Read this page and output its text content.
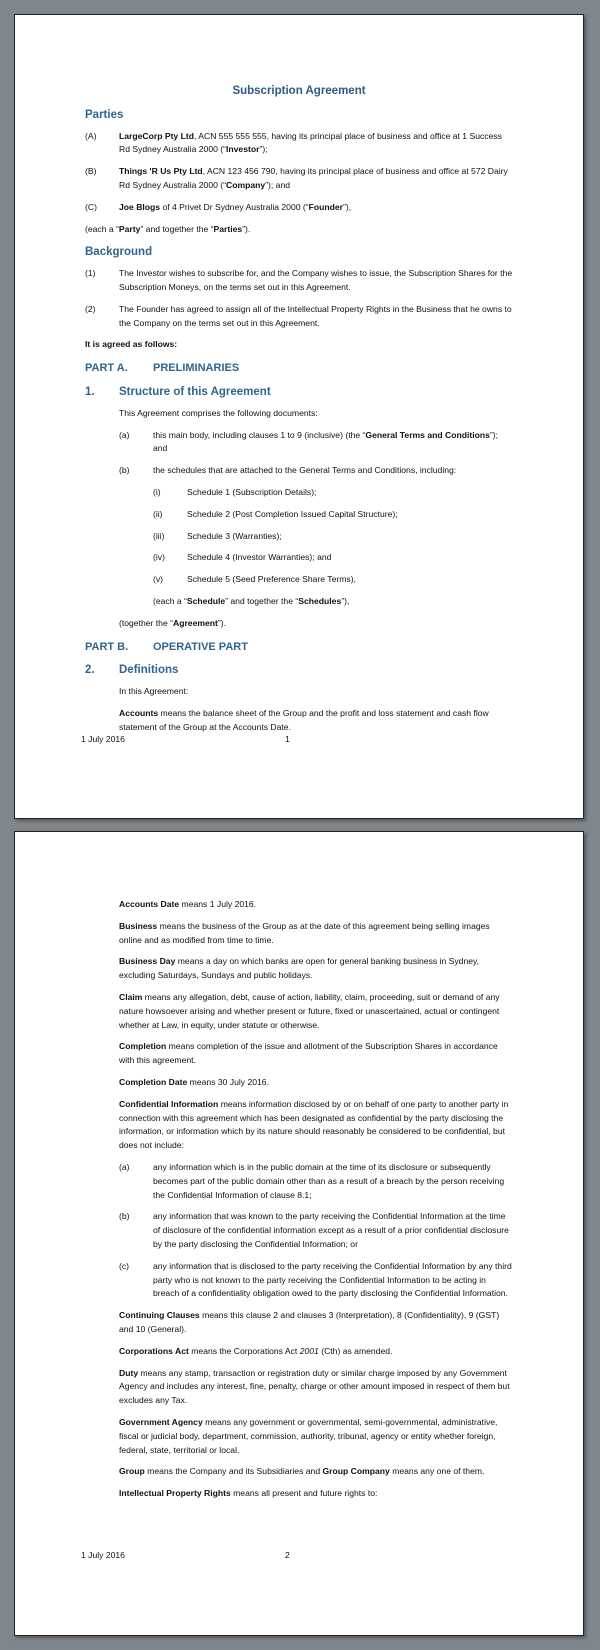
Subscription Agreement
Parties
(A)	LargeCorp Pty Ltd, ACN 555 555 555, having its principal place of business and office at 1 Success Rd Sydney Australia 2000 (“Investor”);
(B)	Things 'R Us Pty Ltd, ACN 123 456 790, having its principal place of business and office at 572 Dairy Rd Sydney Australia 2000 (“Company”); and
(C)	Joe Blogs of 4 Privet Dr Sydney Australia 2000 (“Founder”),

(each a “Party” and together the “Parties”).

Background
(1)	The Investor wishes to subscribe for, and the Company wishes to issue, the Subscription Shares for the Subscription Moneys, on the terms set out in this Agreement.
(2)	The Founder has agreed to assign all of the Intellectual Property Rights in the Business that he owns to the Company on the terms set out in this Agreement.

It is agreed as follows:

PART A.	PRELIMINARIES
1.	Structure of this Agreement

This Agreement comprises the following documents:

(a)	this main body, including clauses 1 to 9 (inclusive) (the “General Terms and Conditions”); and
(b)	the schedules that are attached to the General Terms and Conditions, including:
(i)	Schedule 1 (Subscription Details);
(ii)	Schedule 2 (Post Completion Issued Capital Structure);
(iii)	Schedule 3 (Warranties);
(iv)	Schedule 4 (Investor Warranties); and
(v)	Schedule 5 (Seed Preference Share Terms),

(each a “Schedule” and together the “Schedules”),

(together the “Agreement”).

PART B.	OPERATIVE PART
2.	Definitions

In this Agreement:

Accounts means the balance sheet of the Group and the profit and loss statement and cash flow statement of the Group at the Accounts Date.

1 July 2016	1

Accounts Date means 1 July 2016.

Business means the business of the Group as at the date of this agreement being selling images online and as modified from time to time.

Business Day means a day on which banks are open for general banking business in Sydney, excluding Saturdays, Sundays and public holidays.

Claim means any allegation, debt, cause of action, liability, claim, proceeding, suit or demand of any nature howsoever arising and whether present or future, fixed or unascertained, actual or contingent whether at Law, in equity, under statute or otherwise.

Completion means completion of the issue and allotment of the Subscription Shares in accordance with this agreement.

Completion Date means 30 July 2016.

Confidential Information means information disclosed by or on behalf of one party to another party in connection with this agreement which has been designated as confidential by the party disclosing the information, or information which by its nature should reasonably be considered to be confidential, but does not include:

(a)	any information which is in the public domain at the time of its disclosure or subsequently becomes part of the public domain other than as a result of a breach by the person receiving the Confidential Information of clause 8.1;
(b)	any information that was known to the party receiving the Confidential Information at the time of disclosure of the confidential information except as a result of a prior confidential disclosure by the party disclosing the Confidential Information; or
(c)	any information that is disclosed to the party receiving the Confidential Information by any third party who is not known to the party receiving the Confidential Information to be acting in breach of a confidentiality obligation owed to the party disclosing the Confidential Information.

Continuing Clauses means this clause 2 and clauses 3 (Interpretation), 8 (Confidentiality), 9 (GST) and 10 (General).

Corporations Act means the Corporations Act 2001 (Cth) as amended.

Duty means any stamp, transaction or registration duty or similar charge imposed by any Government Agency and includes any interest, fine, penalty, charge or other amount imposed in respect of them but excludes any Tax.

Government Agency means any government or governmental, semi-governmental, administrative, fiscal or judicial body, department, commission, authority, tribunal, agency or entity whether foreign, federal, state, territorial or local.

Group means the Company and its Subsidiaries and Group Company means any one of them.

Intellectual Property Rights means all present and future rights to:

1 July 2016	2
